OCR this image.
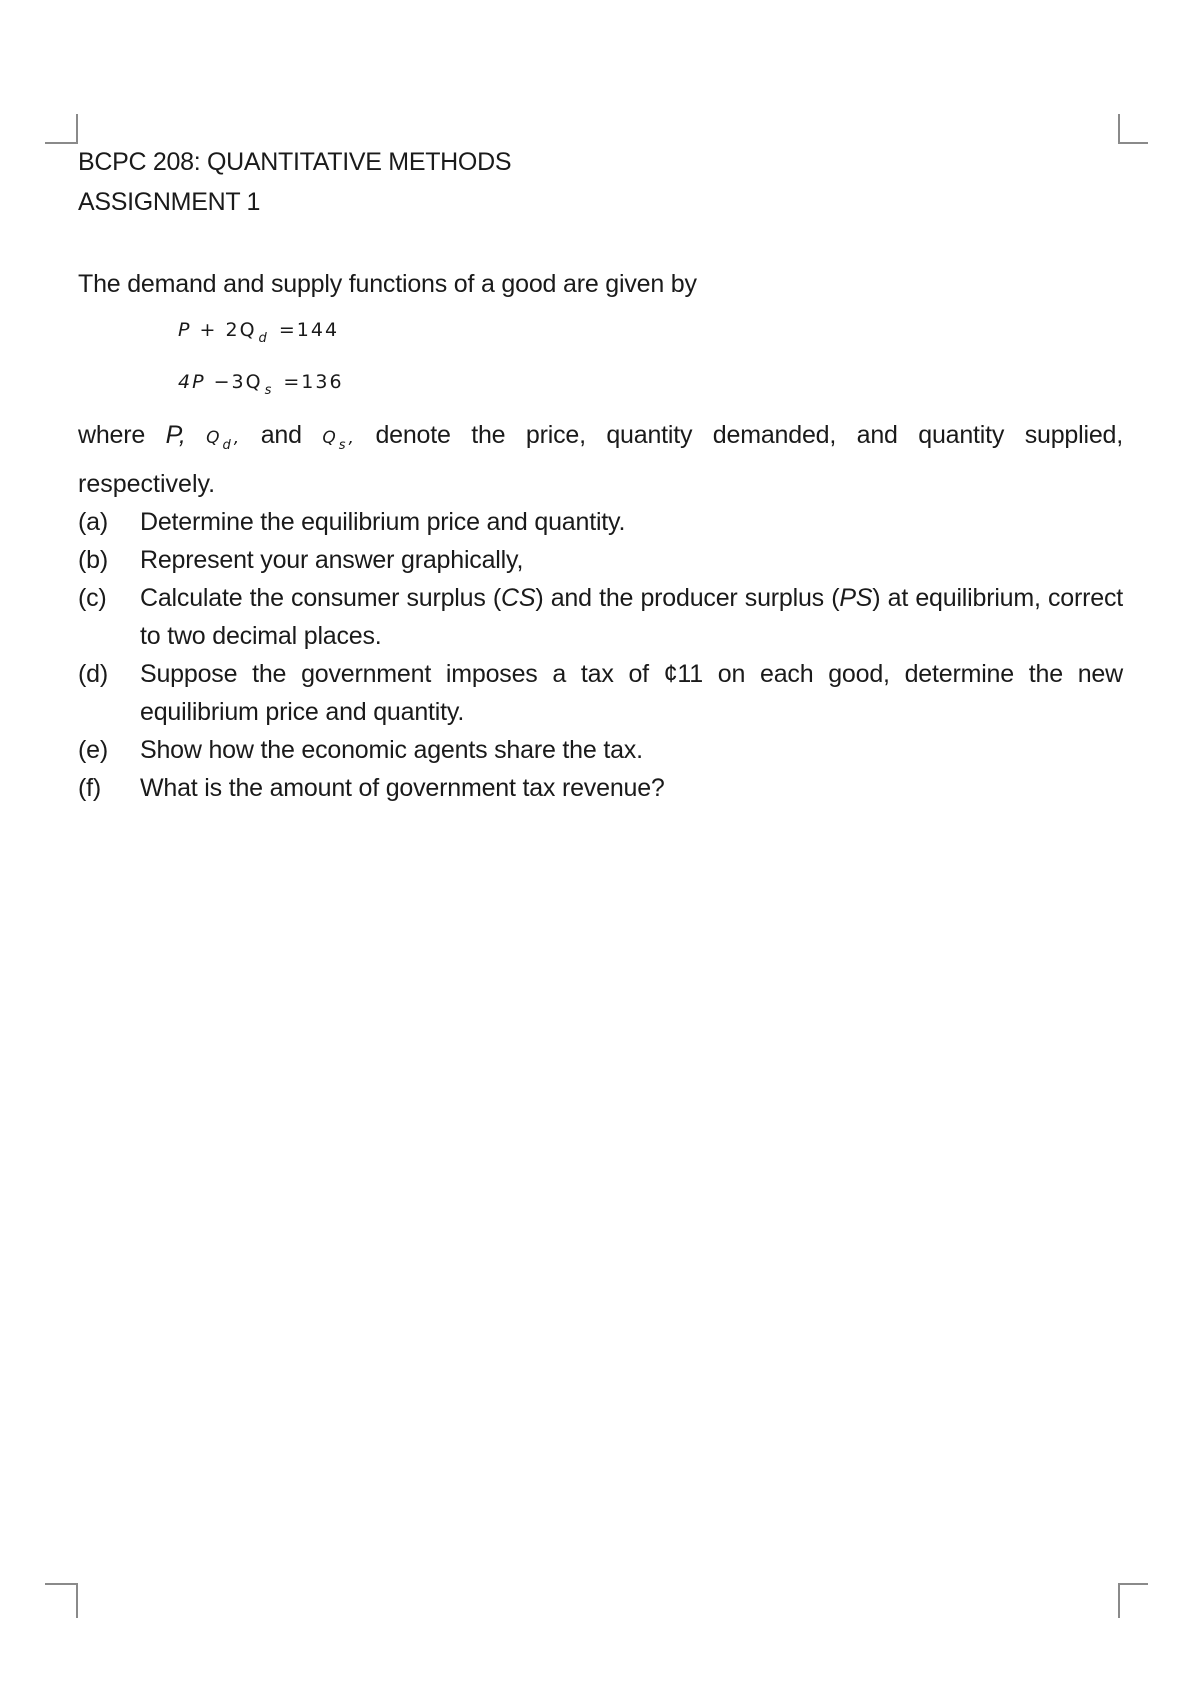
BCPC 208: QUANTITATIVE METHODS
ASSIGNMENT 1
The demand and supply functions of a good are given by
P + 2Q $_d$ =144
4P −3Q $_s$ =136
where P, Q $_d$ , and Q $_s$ , denote the price, quantity demanded, and quantity supplied,
respectively.
(a)	Determine the equilibrium price and quantity.
(b)	Represent your answer graphically,
(c)	Calculate the consumer surplus (CS) and the producer surplus (PS) at equilibrium, correct to two decimal places.
(d)	Suppose the government imposes a tax of ¢11 on each good, determine the new equilibrium price and quantity.
(e)	Show how the economic agents share the tax.
(f)	What is the amount of government tax revenue?
